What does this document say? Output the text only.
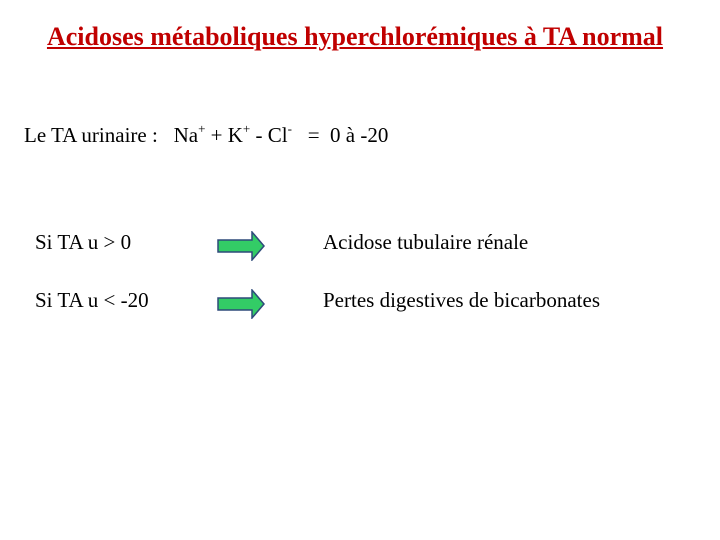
Acidoses métaboliques hyperchlorémiques à TA normal
Le TA urinaire : Na+ + K+ - Cl- = 0 à -20
Si TA u > 0	Acidose tubulaire rénale
Si TA u < -20	Pertes digestives de bicarbonates
